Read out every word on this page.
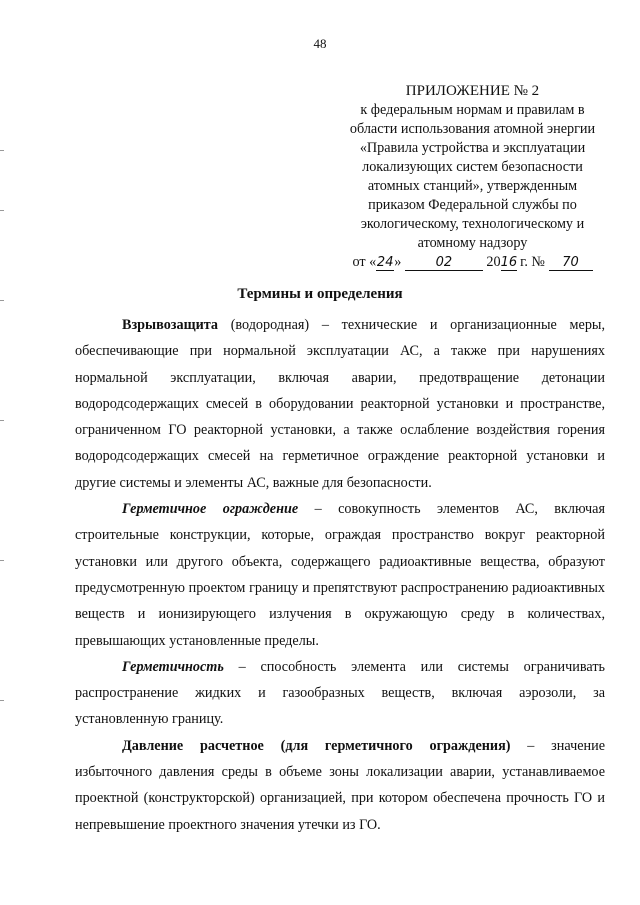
48
ПРИЛОЖЕНИЕ № 2
к федеральным нормам и правилам в
области использования атомной энергии
«Правила устройства и эксплуатации
локализующих систем безопасности
атомных станций», утвержденным
приказом Федеральной службы по
экологическому, технологическому и
атомному надзору
от «24»	02 2016 г. № 70
Термины и определения

Взрывозащита (водородная) – технические и организационные меры, обеспечивающие при нормальной эксплуатации АС, а также при нарушениях нормальной эксплуатации, включая аварии, предотвращение детонации водородсодержащих смесей в оборудовании реакторной установки и пространстве, ограниченном ГО реакторной установки, а также ослабление воздействия горения водородсодержащих смесей на герметичное ограждение реакторной установки и другие системы и элементы АС, важные для безопасности.

Герметичное ограждение – совокупность элементов АС, включая строительные конструкции, которые, ограждая пространство вокруг реакторной установки или другого объекта, содержащего радиоактивные вещества, образуют предусмотренную проектом границу и препятствуют распространению радиоактивных веществ и ионизирующего излучения в окружающую среду в количествах, превышающих установленные пределы.

Герметичность – способность элемента или системы ограничивать распространение жидких и газообразных веществ, включая аэрозоли, за установленную границу.

Давление расчетное (для герметичного ограждения) – значение избыточного давления среды в объеме зоны локализации аварии, устанавливаемое проектной (конструкторской) организацией, при котором обеспечена прочность ГО и непревышение проектного значения утечки из ГО.
